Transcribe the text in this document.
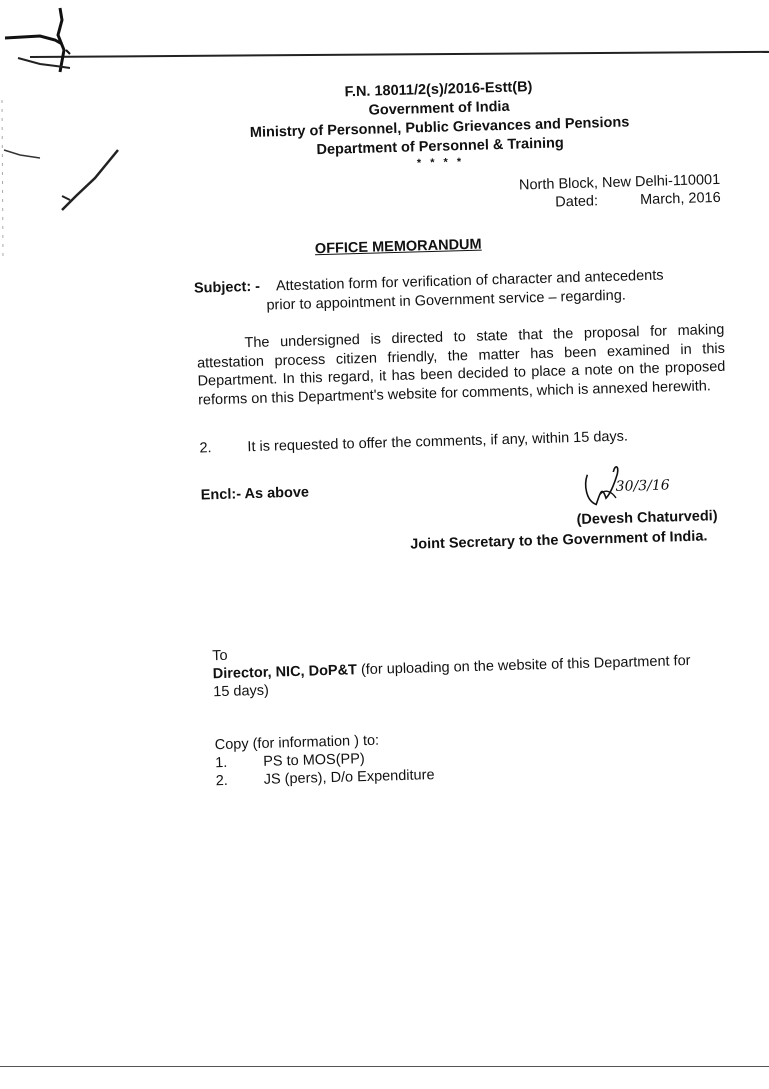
F.N. 18011/2(s)/2016-Estt(B)
Government of India
Ministry of Personnel, Public Grievances and Pensions
Department of Personnel & Training
* * * *
North Block, New Delhi-110001
Dated:	March, 2016
OFFICE MEMORANDUM
Subject: - Attestation form for verification of character and antecedents
prior to appointment in Government service – regarding.
The undersigned is directed to state that the proposal for making attestation process citizen friendly, the matter has been examined in this Department. In this regard, it has been decided to place a note on the proposed reforms on this Department's website for comments, which is annexed herewith.
2. It is requested to offer the comments, if any, within 15 days.
Encl:- As above	30/3/16
(Devesh Chaturvedi)
Joint Secretary to the Government of India.
To
Director, NIC, DoP&T (for uploading on the website of this Department for
15 days)
Copy (for information ) to:
1. PS to MOS(PP)
2. JS (pers), D/o Expenditure
